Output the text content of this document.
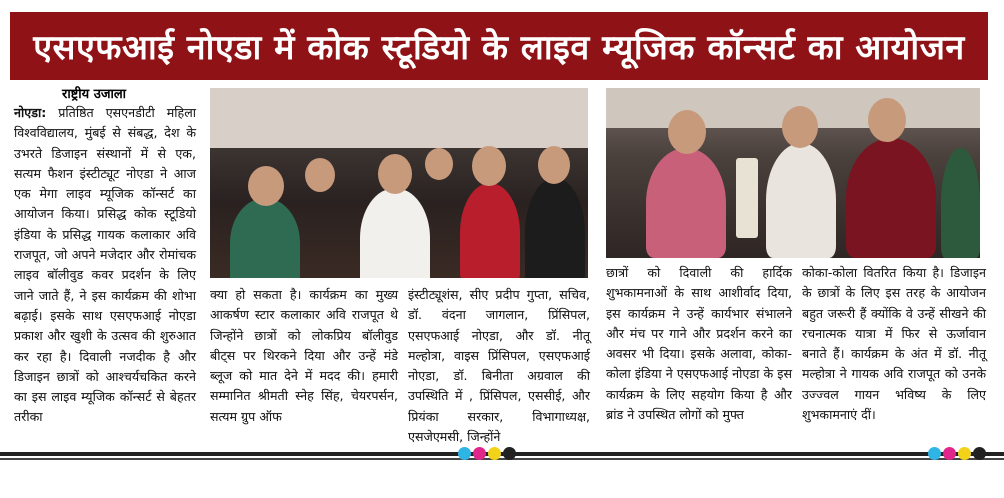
एसएफआई नोएडा में कोक स्टूडियो के लाइव म्यूजिक कॉन्सर्ट का आयोजन
राष्ट्रीय उजाला
नोएडा: प्रतिष्ठित एसएनडीटी महिला विश्वविद्यालय, मुंबई से संबद्ध, देश के उभरते डिजाइन संस्थानों में से एक, सत्यम फैशन इंस्टीट्यूट नोएडा ने आज एक मेगा लाइव म्यूजिक कॉन्सर्ट का आयोजन किया। प्रसिद्ध कोक स्टूडियो इंडिया के प्रसिद्ध गायक कलाकार अवि राजपूत, जो अपने मजेदार और रोमांचक लाइव बॉलीवुड कवर प्रदर्शन के लिए जाने जाते हैं, ने इस कार्यक्रम की शोभा बढ़ाई। इसके साथ एसएफआई नोएडा प्रकाश और खुशी के उत्सव की शुरुआत कर रहा है। दिवाली नजदीक है और डिजाइन छात्रों को आश्चर्यचकित करने का इस लाइव म्यूजिक कॉन्सर्ट से बेहतर तरीका
क्या हो सकता है। कार्यक्रम का मुख्य आकर्षण स्टार कलाकार अवि राजपूत थे जिन्होंने छात्रों को लोकप्रिय बॉलीवुड बीट्स पर थिरकने दिया और उन्हें मंडे ब्लूज को मात देने में मदद की। हमारी सम्मानित श्रीमती स्नेह सिंह, चेयरपर्सन, सत्यम ग्रुप ऑफ
इंस्टीट्यूशंस, सीए प्रदीप गुप्ता, सचिव, डॉ. वंदना जागलान, प्रिंसिपल, एसएफआई नोएडा, और डॉ. नीतू मल्होत्रा, वाइस प्रिंसिपल, एसएफआई नोएडा, डॉ. बिनीता अग्रवाल की उपस्थिति में , प्रिंसिपल, एससीई, और प्रियंका सरकार, विभागाध्यक्ष, एसजेएमसी, जिन्होंने
छात्रों को दिवाली की हार्दिक शुभकामनाओं के साथ आशीर्वाद दिया, इस कार्यक्रम ने उन्हें कार्यभार संभालने और मंच पर गाने और प्रदर्शन करने का अवसर भी दिया। इसके अलावा, कोका-कोला इंडिया ने एसएफआई नोएडा के इस कार्यक्रम के लिए सहयोग किया है और ब्रांड ने उपस्थित लोगों को मुफ्त
कोका-कोला वितरित किया है। डिजाइन के छात्रों के लिए इस तरह के आयोजन बहुत जरूरी हैं क्योंकि वे उन्हें सीखने की रचनात्मक यात्रा में फिर से ऊर्जावान बनाते हैं। कार्यक्रम के अंत में डॉ. नीतू मल्होत्रा ने गायक अवि राजपूत को उनके उज्ज्वल गायन भविष्य के लिए शुभकामनाएं दीं।
